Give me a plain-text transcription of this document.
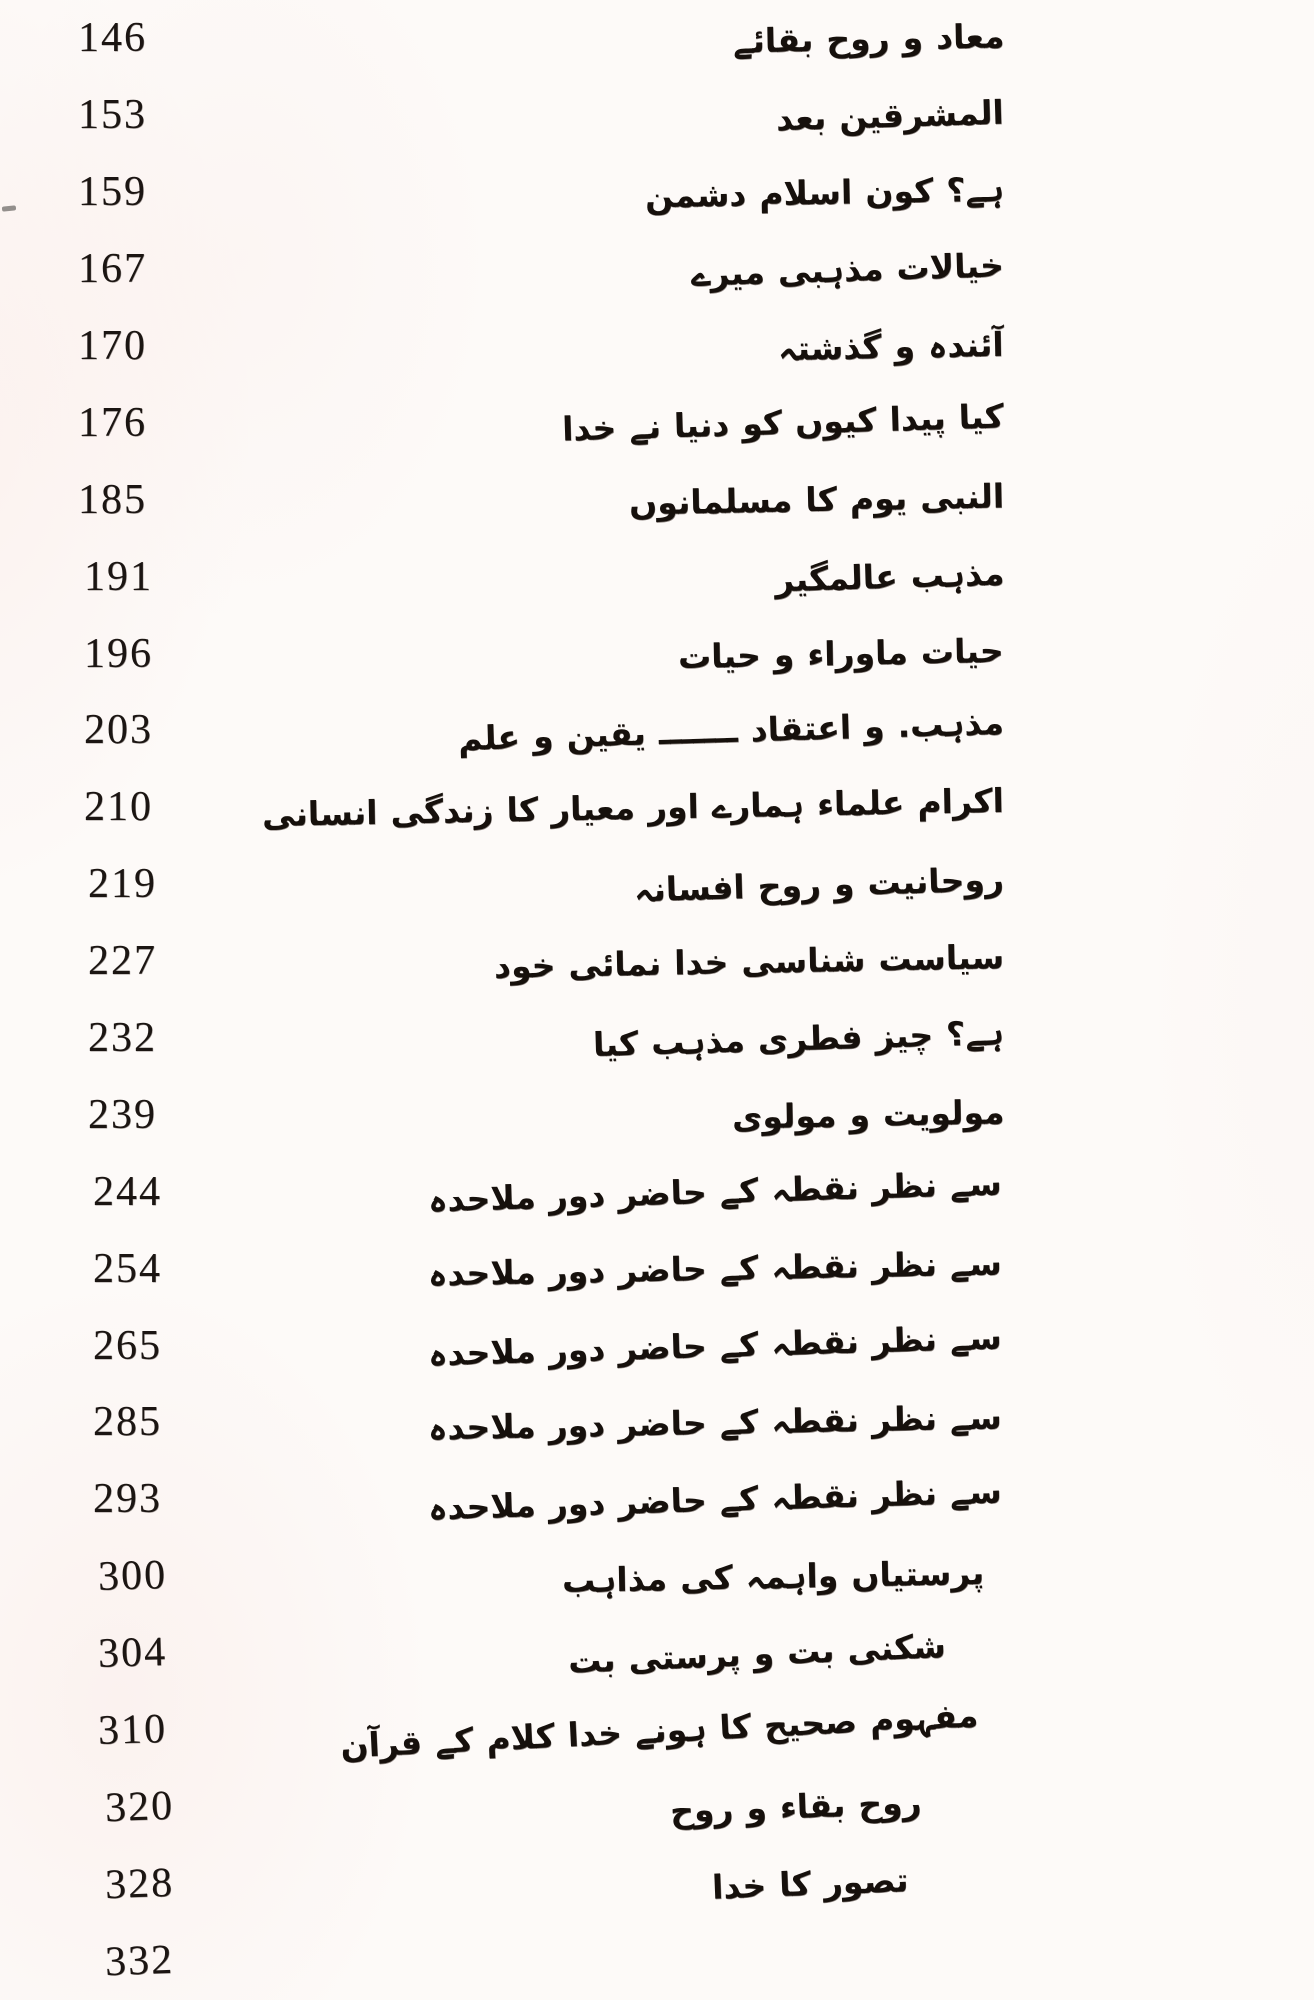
146	بقائے روح و معاد
153	بعد المشرقین
159	دشمن اسلام کون ہے؟
167	میرے مذہبی خیالات
170	گذشتہ و آئندہ
176	خدا نے دنیا کو کیوں پیدا کیا
185	مسلمانوں کا یوم النبی
191	عالمگیر مذہب
196	حیات و ماوراء حیات
203	علم و یقین ـــــــ اعتقاد و مذہب.
210	انسانی زندگی کا معیار اور ہمارے علماء اکرام
219	افسانہ روح و روحانیت
227	خود نمائی خدا شناسی سیاست
232	کیا مذہب فطری چیز ہے؟
239	مولوی و مولویت
244	ملاحدہ دور حاضر کے نقطہ نظر سے
254	ملاحدہ دور حاضر کے نقطہ نظر سے
265	ملاحدہ دور حاضر کے نقطہ نظر سے
285	ملاحدہ دور حاضر کے نقطہ نظر سے
293	ملاحدہ دور حاضر کے نقطہ نظر سے
300	مذاہب کی واہمہ پرستیاں
304	بت پرستی و بت شکنی
310	قرآن کے کلام خدا ہونے کا صحیح مفہوم
320	روح و بقاء روح
328	خدا کا تصور
332
